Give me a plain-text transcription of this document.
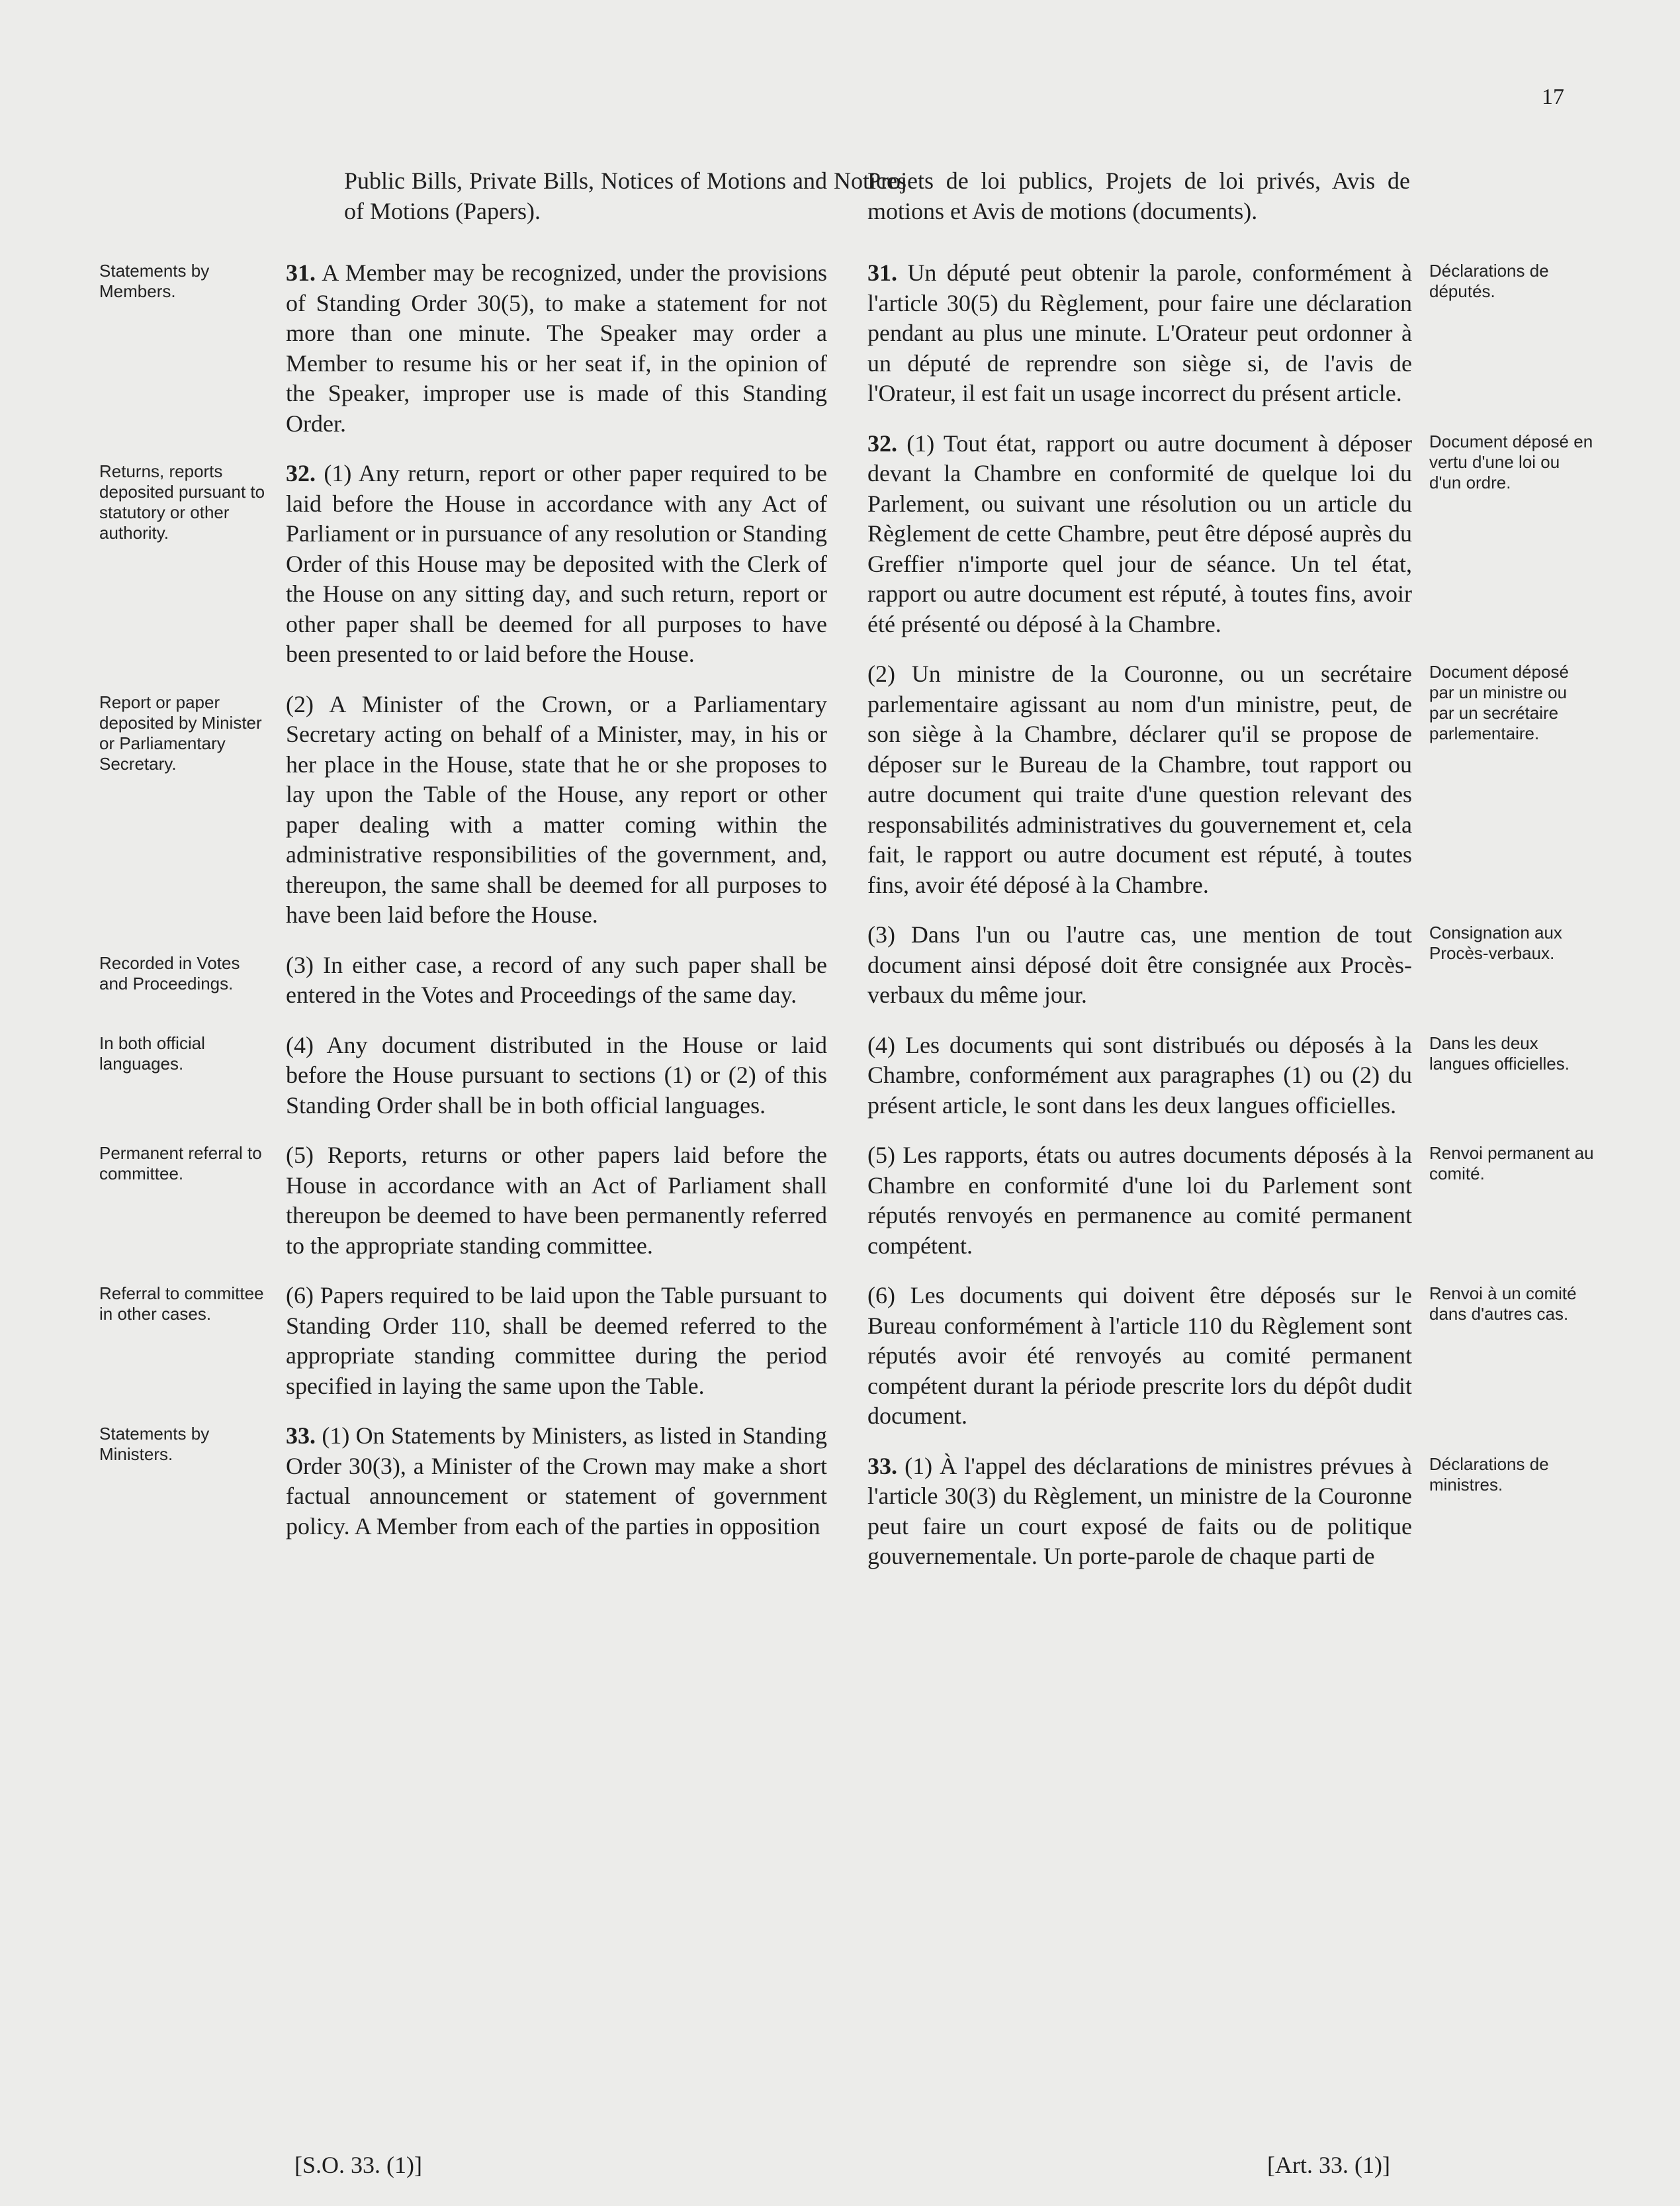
17
Public Bills, Private Bills, Notices of Motions and Notices of Motions (Papers).
Statements by Members.
31. A Member may be recognized, under the provisions of Standing Order 30(5), to make a statement for not more than one minute. The Speaker may order a Member to resume his or her seat if, in the opinion of the Speaker, improper use is made of this Standing Order.
Returns, reports deposited pursuant to statutory or other authority.
32. (1) Any return, report or other paper required to be laid before the House in accordance with any Act of Parliament or in pursuance of any resolution or Standing Order of this House may be deposited with the Clerk of the House on any sitting day, and such return, report or other paper shall be deemed for all purposes to have been presented to or laid before the House.
Report or paper deposited by Minister or Parliamentary Secretary.
(2) A Minister of the Crown, or a Parliamentary Secretary acting on behalf of a Minister, may, in his or her place in the House, state that he or she proposes to lay upon the Table of the House, any report or other paper dealing with a matter coming within the administrative responsibilities of the government, and, thereupon, the same shall be deemed for all purposes to have been laid before the House.
Recorded in Votes and Proceedings.
(3) In either case, a record of any such paper shall be entered in the Votes and Proceedings of the same day.
In both official languages.
(4) Any document distributed in the House or laid before the House pursuant to sections (1) or (2) of this Standing Order shall be in both official languages.
Permanent referral to committee.
(5) Reports, returns or other papers laid before the House in accordance with an Act of Parliament shall thereupon be deemed to have been permanently referred to the appropriate standing committee.
Referral to committee in other cases.
(6) Papers required to be laid upon the Table pursuant to Standing Order 110, shall be deemed referred to the appropriate standing committee during the period specified in laying the same upon the Table.
Statements by Ministers.
33. (1) On Statements by Ministers, as listed in Standing Order 30(3), a Minister of the Crown may make a short factual announcement or statement of government policy. A Member from each of the parties in opposition
Projets de loi publics, Projets de loi privés, Avis de motions et Avis de motions (documents).
31. Un député peut obtenir la parole, conformément à l'article 30(5) du Règlement, pour faire une déclaration pendant au plus une minute. L'Orateur peut ordonner à un député de reprendre son siège si, de l'avis de l'Orateur, il est fait un usage incorrect du présent article.
Déclarations de députés.
32. (1) Tout état, rapport ou autre document à déposer devant la Chambre en conformité de quelque loi du Parlement, ou suivant une résolution ou un article du Règlement de cette Chambre, peut être déposé auprès du Greffier n'importe quel jour de séance. Un tel état, rapport ou autre document est réputé, à toutes fins, avoir été présenté ou déposé à la Chambre.
Document déposé en vertu d'une loi ou d'un ordre.
(2) Un ministre de la Couronne, ou un secrétaire parlementaire agissant au nom d'un ministre, peut, de son siège à la Chambre, déclarer qu'il se propose de déposer sur le Bureau de la Chambre, tout rapport ou autre document qui traite d'une question relevant des responsabilités administratives du gouvernement et, cela fait, le rapport ou autre document est réputé, à toutes fins, avoir été déposé à la Chambre.
Document déposé par un ministre ou par un secrétaire parlementaire.
(3) Dans l'un ou l'autre cas, une mention de tout document ainsi déposé doit être consignée aux Procès-verbaux du même jour.
Consignation aux Procès-verbaux.
(4) Les documents qui sont distribués ou déposés à la Chambre, conformément aux paragraphes (1) ou (2) du présent article, le sont dans les deux langues officielles.
Dans les deux langues officielles.
(5) Les rapports, états ou autres documents déposés à la Chambre en conformité d'une loi du Parlement sont réputés renvoyés en permanence au comité permanent compétent.
Renvoi permanent au comité.
(6) Les documents qui doivent être déposés sur le Bureau conformément à l'article 110 du Règlement sont réputés avoir été renvoyés au comité permanent compétent durant la période prescrite lors du dépôt dudit document.
Renvoi à un comité dans d'autres cas.
33. (1) À l'appel des déclarations de ministres prévues à l'article 30(3) du Règlement, un ministre de la Couronne peut faire un court exposé de faits ou de politique gouvernementale. Un porte-parole de chaque parti de
Déclarations de ministres.
[S.O. 33. (1)]	[Art. 33. (1)]
